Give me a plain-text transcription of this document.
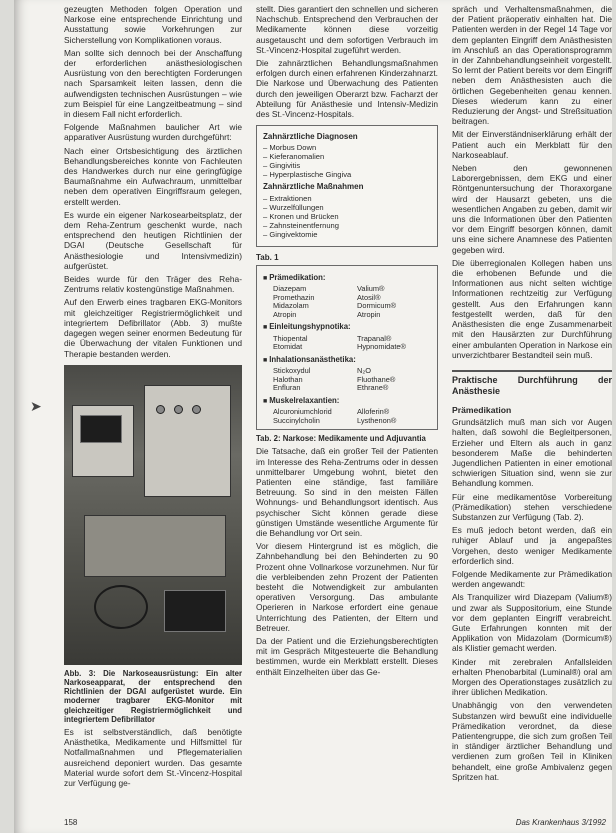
➤

gezeugten Methoden folgen Operation und Narkose eine entsprechende Einrichtung und Ausstattung sowie Vorkehrungen zur Sicherstellung von Komplikationen voraus.

Man sollte sich dennoch bei der Anschaffung der erforderlichen anästhesiologischen Ausrüstung von den berechtigten Forderungen nach Sparsamkeit leiten lassen, denn die aufwendigsten technischen Ausrüstungen – wie zum Beispiel für eine Langzeitbeatmung – sind in diesem Fall nicht erforderlich.

Folgende Maßnahmen baulicher Art wie apparativer Ausrüstung wurden durchgeführt:

Nach einer Ortsbesichtigung des ärztlichen Behandlungsbereiches konnte von Fachleuten des Handwerkes durch nur eine geringfügige Baumaßnahme ein Aufwachraum, unmittelbar neben dem operativen Eingriffsraum gelegen, erstellt werden.

Es wurde ein eigener Narkosearbeitsplatz, der dem Reha-Zentrum geschenkt wurde, nach entsprechend den heutigen Richtlinien der DGAI (Deutsche Gesellschaft für Anästhesiologie und Intensivmedizin) aufgerüstet.

Beides wurde für den Träger des Reha-Zentrums relativ kostengünstige Maßnahmen.

Auf den Erwerb eines tragbaren EKG-Monitors mit gleichzeitiger Registriermöglichkeit und integriertem Defibrillator (Abb. 3) mußte dagegen wegen seiner enormen Bedeutung für die Überwachung der vitalen Funktionen und Therapie bestanden werden.

Abb. 3: Die Narkoseausrüstung: Ein alter Narkoseapparat, der entsprechend den Richtlinien der DGAI aufgerüstet wurde. Ein moderner tragbarer EKG-Monitor mit gleichzeitiger Registriermöglichkeit und integriertem Defibrillator

Es ist selbstverständlich, daß benötigte Anästhetika, Medikamente und Hilfsmittel für Notfallmaßnahmen und Pflegematerialien ausreichend deponiert wurden. Das gesamte Material wurde sofort dem St.-Vincenz-Hospital zur Verfügung ge-

stellt. Dies garantiert den schnellen und sicheren Nachschub. Entsprechend den Verbrauchen der Medikamente können diese vorzeitig ausgetauscht und dem sofortigen Verbrauch im St.-Vincenz-Hospital zugeführt werden.

Die zahnärztlichen Behandlungsmaßnahmen erfolgen durch einen erfahrenen Kinderzahnarzt. Die Narkose und Überwachung des Patienten durch den jeweiligen Oberarzt bzw. Facharzt der Abteilung für Anästhesie und Intensiv-Medizin des St.-Vincenz-Hospitals.

Zahnärztliche Diagnosen
– Morbus Down
– Kieferanomalien
– Gingivitis
– Hyperplastische Gingiva
Zahnärztliche Maßnahmen
– Extraktionen
– Wurzelfüllungen
– Kronen und Brücken
– Zahnsteinentfernung
– Gingivektomie
Tab. 1
■ Prämedikation:
Diazepam	Valium®
Promethazin	Atosil®
Midazolam	Dormicum®
Atropin	Atropin
■ Einleitungshypnotika:
Thiopental	Trapanal®
Etomidat	Hypnomidate®
■ Inhalationsanästhetika:
Stickoxydul	N₂O
Halothan	Fluothane®
Enfluran	Ethrane®
■ Muskelrelaxantien:
Alcuroniumchlorid	Alloferin®
Succinylcholin	Lysthenon®

Tab. 2: Narkose: Medikamente und Adjuvantia

Die Tatsache, daß ein großer Teil der Patienten im Interesse des Reha-Zentrums oder in dessen unmittelbarer Umgebung wohnt, bietet den Patienten eine ständige, fast familiäre Betreuung. So sind in den meisten Fällen Wohnungs- und Behandlungsort identisch. Aus psychischer Sicht können gerade diese günstigen Umstände wesentliche Argumente für die Behandlung vor Ort sein.

Vor diesem Hintergrund ist es möglich, die Zahnbehandlung bei den Behinderten zu 90 Prozent ohne Vollnarkose vorzunehmen. Nur für die verbleibenden zehn Prozent der Patienten besteht die Notwendigkeit zur ambulanten operativen Versorgung. Das ambulante Operieren in Narkose erfordert eine genaue Unterrichtung des Patienten, der Eltern und Betreuer.

Da der Patient und die Erziehungsberechtigten mit im Gespräch Mitgesteuerte die Behandlung bestimmen, wurde ein Merkblatt erstellt. Dieses enthält Einzelheiten über das Ge-

spräch und Verhaltensmaßnahmen, die der Patient präoperativ einhalten hat. Die Patienten werden in der Regel 14 Tage vor dem geplanten Eingriff dem Anästhesisten im Anschluß an das Operationsprogramm in der Zahnbehandlungseinheit vorgestellt. So lernt der Patient bereits vor dem Eingriff neben dem Anästhesisten auch die örtlichen Gegebenheiten genau kennen. Dieses wiederum kann zu einer Reduzierung der Angst- und Streßsituation beitragen.

Mit der Einverständniserklärung erhält der Patient auch ein Merkblatt für den Narkoseablauf.

Neben den gewonnenen Laborergebnissen, dem EKG und einer Röntgenuntersuchung der Thoraxorgane wird der Hausarzt gebeten, uns die wesentlichen Angaben zu geben, damit wir uns die Informationen über den Patienten vor dem Eingriff besorgen können, damit uns eine sichere Anamnese des Patienten gegeben wird.

Die überregionalen Kollegen haben uns die erhobenen Befunde und die Informationen aus nicht selten wichtige Informationen rechtzeitig zur Verfügung gestellt. Aus den Erfahrungen kann festgestellt werden, daß für den Anästhesisten die enge Zusammenarbeit mit den Hausärzten zur Durchführung einer ambulanten Operation in Narkose ein unverzichtbarer Bestandteil sein muß.

Praktische Durchführung der Anästhesie
Prämedikation

Grundsätzlich muß man sich vor Augen halten, daß sowohl die Begleitpersonen, Erzieher und Eltern als auch in ganz besonderem Maße die behinderten Jugendlichen Patienten in einer emotional schwierigen Situation sind, wenn sie zur Behandlung kommen.

Für eine medikamentöse Vorbereitung (Prämedikation) stehen verschiedene Substanzen zur Verfügung (Tab. 2).

Es muß jedoch betont werden, daß ein ruhiger Ablauf und ja angepaßtes Vorgehen, desto weniger Medikamente erforderlich sind.

Folgende Medikamente zur Prämedikation werden angewandt:

Als Tranquilizer wird Diazepam (Valium®) und zwar als Suppositorium, eine Stunde vor dem geplanten Eingriff verabreicht. Gute Erfahrungen konnten mit der Applikation von Midazolam (Dormicum®) als Klistier gemacht werden.

Kinder mit zerebralen Anfallsleiden erhalten Phenobarbital (Luminal®) oral am Morgen des Operationstages zusätzlich zu ihrer üblichen Medikation.

Unabhängig von den verwendeten Substanzen wird bewußt eine individuelle Prämedikation verordnet, da diese Patientengruppe, die sich zum großen Teil in ständiger ärztlicher Behandlung und verdienen zum großen Teil in Kliniken behandelt, eine große Ambivalenz gegen Spritzen hat.

158	Das Krankenhaus 3/1992
